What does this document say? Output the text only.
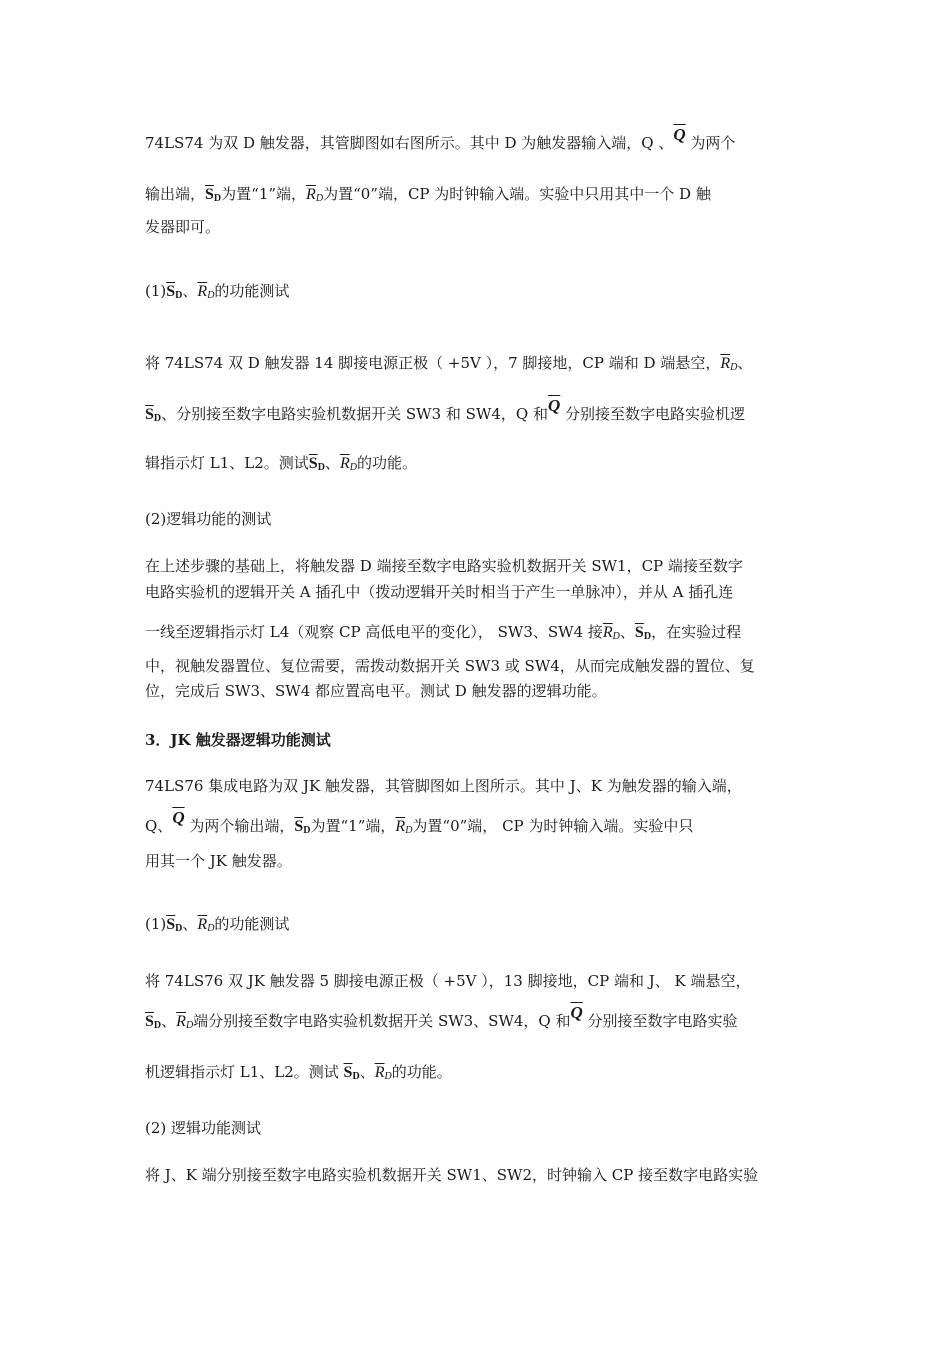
74LS74 为双 D 触发器，其管脚图如右图所示。其中 D 为触发器输入端，Q 、$\overline{Q}$ 为两个
输出端，$\overline{S}_D$为置“1”端，$\overline{R}_D$为置“0”端，CP 为时钟输入端。实验中只用其中一个 D 触
发器即可。
$(1)\overline{S}_D$、$\overline{R}_D$的功能测试
将 74LS74 双 D 触发器 14 脚接电源正极（ +5V ），7 脚接地，CP 端和 D 端悬空，$\overline{R}_D$、
$\overline{S}_D$、分别接至数字电路实验机数据开关 SW3 和 SW4，Q 和$\overline{Q}$ 分别接至数字电路实验机逻
辑指示灯 L1、L2。测试$\overline{S}_D$、$\overline{R}_D$的功能。
(2)逻辑功能的测试
在上述步骤的基础上，将触发器 D 端接至数字电路实验机数据开关 SW1，CP 端接至数字
电路实验机的逻辑开关 A 插孔中（拨动逻辑开关时相当于产生一单脉冲），并从 A 插孔连
一线至逻辑指示灯 L4（观察 CP 高低电平的变化）， SW3、SW4 接$\overline{R}_D$、$\overline{S}_D$，在实验过程
中，视触发器置位、复位需要，需拨动数据开关 SW3 或 SW4，从而完成触发器的置位、复
位，完成后 SW3、SW4 都应置高电平。测试 D 触发器的逻辑功能。
3．JK 触发器逻辑功能测试
74LS76 集成电路为双 JK 触发器，其管脚图如上图所示。其中 J、K 为触发器的输入端，
Q、$\overline{Q}$ 为两个输出端，$\overline{S}_D$为置“1”端，$\overline{R}_D$为置“0”端， CP 为时钟输入端。实验中只
用其一个 JK 触发器。
$(1)\overline{S}_D$、$\overline{R}_D$的功能测试
将 74LS76 双 JK 触发器 5 脚接电源正极（ +5V ），13 脚接地，CP 端和 J、 K 端悬空，
$\overline{S}_D$、$\overline{R}_D$端分别接至数字电路实验机数据开关 SW3、SW4，Q 和$\overline{Q}$ 分别接至数字电路实验
机逻辑指示灯 L1、L2。测试 $\overline{S}_D$、$\overline{R}_D$的功能。
(2) 逻辑功能测试
将 J、K 端分别接至数字电路实验机数据开关 SW1、SW2，时钟输入 CP 接至数字电路实验
